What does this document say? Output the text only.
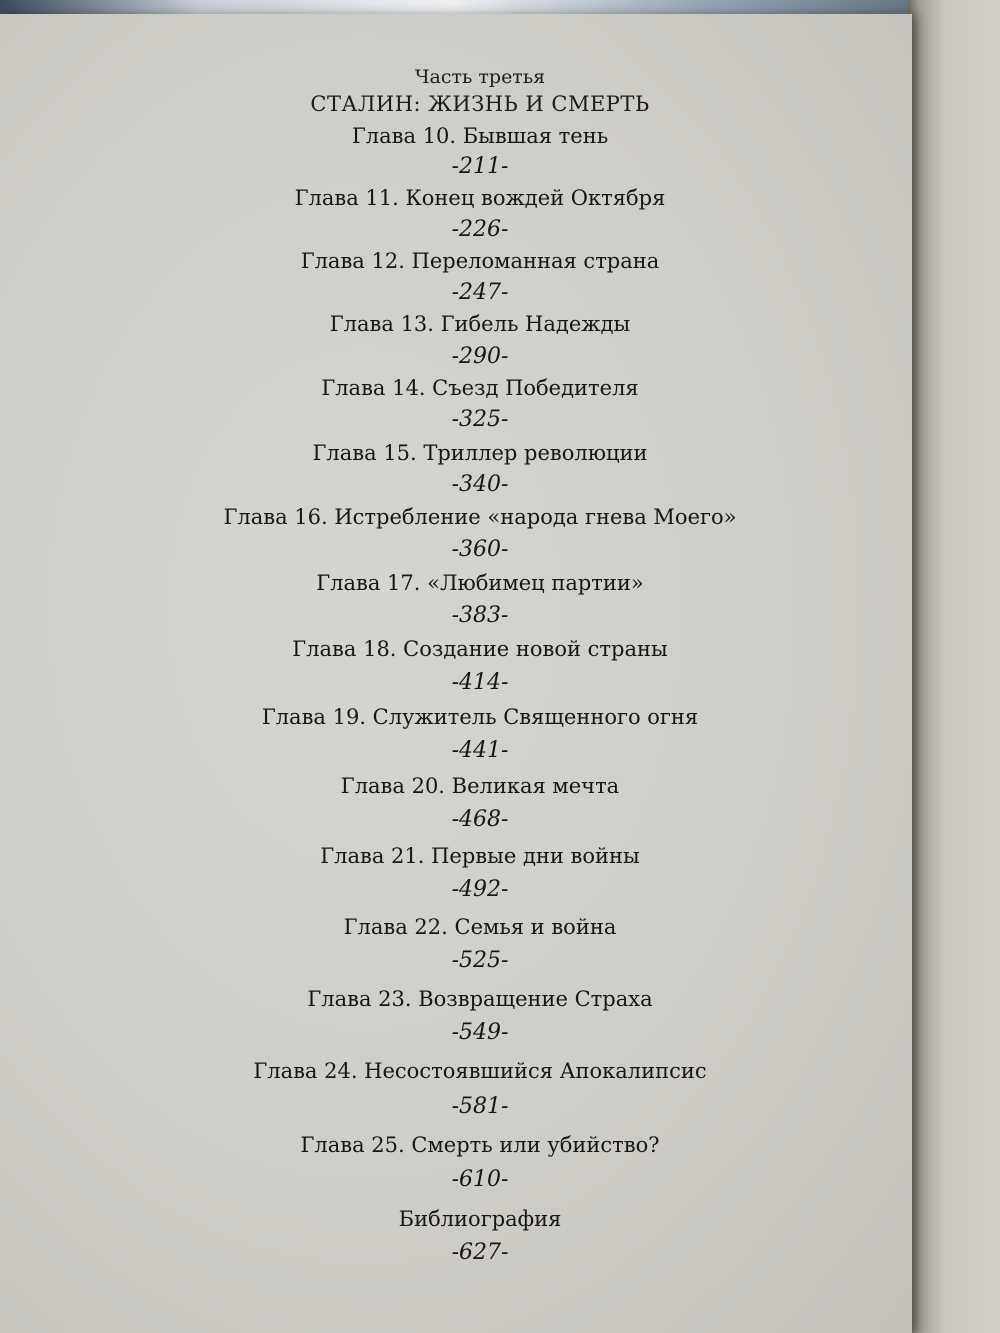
Часть третья
СТАЛИН: ЖИЗНЬ И СМЕРТЬ
Глава 10. Бывшая тень
-211-
Глава 11. Конец вождей Октября
-226-
Глава 12. Переломанная страна
-247-
Глава 13. Гибель Надежды
-290-
Глава 14. Съезд Победителя
-325-
Глава 15. Триллер революции
-340-
Глава 16. Истребление «народа гнева Моего»
-360-
Глава 17. «Любимец партии»
-383-
Глава 18. Создание новой страны
-414-
Глава 19. Служитель Священного огня
-441-
Глава 20. Великая мечта
-468-
Глава 21. Первые дни войны
-492-
Глава 22. Семья и война
-525-
Глава 23. Возвращение Страха
-549-
Глава 24. Несостоявшийся Апокалипсис
-581-
Глава 25. Смерть или убийство?
-610-
Библиография
-627-
